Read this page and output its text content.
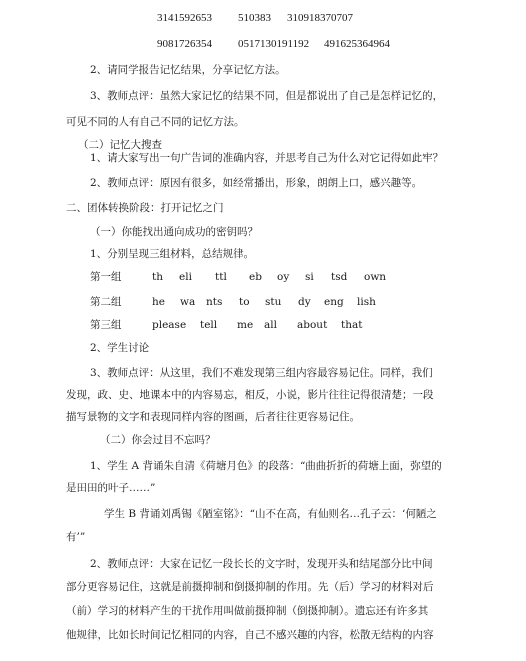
3141592653 510383 310918370707
9081726354 0517130191192 491625364964
2、请同学报告记忆结果，分享记忆方法。
3、教师点评：虽然大家记忆的结果不同，但是都说出了自己是怎样记忆的，
可见不同的人有自己不同的记忆方法。
（二）记忆大搜查
1、请大家写出一句广告词的准确内容，并思考自己为什么对它记得如此牢？
2、教师点评：原因有很多，如经常播出，形象，朗朗上口，感兴趣等。
二、团体转换阶段：打开记忆之门
（一）你能找出通向成功的密钥吗？
1、分别呈现三组材料，总结规律。
第一组	th eli ttl eb oy si tsd own
第二组	he wa nts to stu dy eng lish
第三组	please tell me all about that
2、学生讨论
3、教师点评：从这里，我们不难发现第三组内容最容易记住。同样，我们
发现，政、史、地课本中的内容易忘，相反，小说，影片往往记得很清楚；一段
描写景物的文字和表现同样内容的图画，后者往往更容易记住。
（二）你会过目不忘吗？
1、学生 A 背诵朱自清《荷塘月色》的段落：“曲曲折折的荷塘上面，弥望的
是田田的叶子……”
学生 B 背诵刘禹锡《陋室铭》：“山不在高，有仙则名…孔子云：‘何陋之
有’”
2、教师点评：大家在记忆一段长长的文字时，发现开头和结尾部分比中间
部分更容易记住，这就是前摄抑制和倒摄抑制的作用。先（后）学习的材料对后
（前）学习的材料产生的干扰作用叫做前摄抑制（倒摄抑制）。遗忘还有许多其
他规律，比如长时间记忆相同的内容，自己不感兴趣的内容，松散无结构的内容
